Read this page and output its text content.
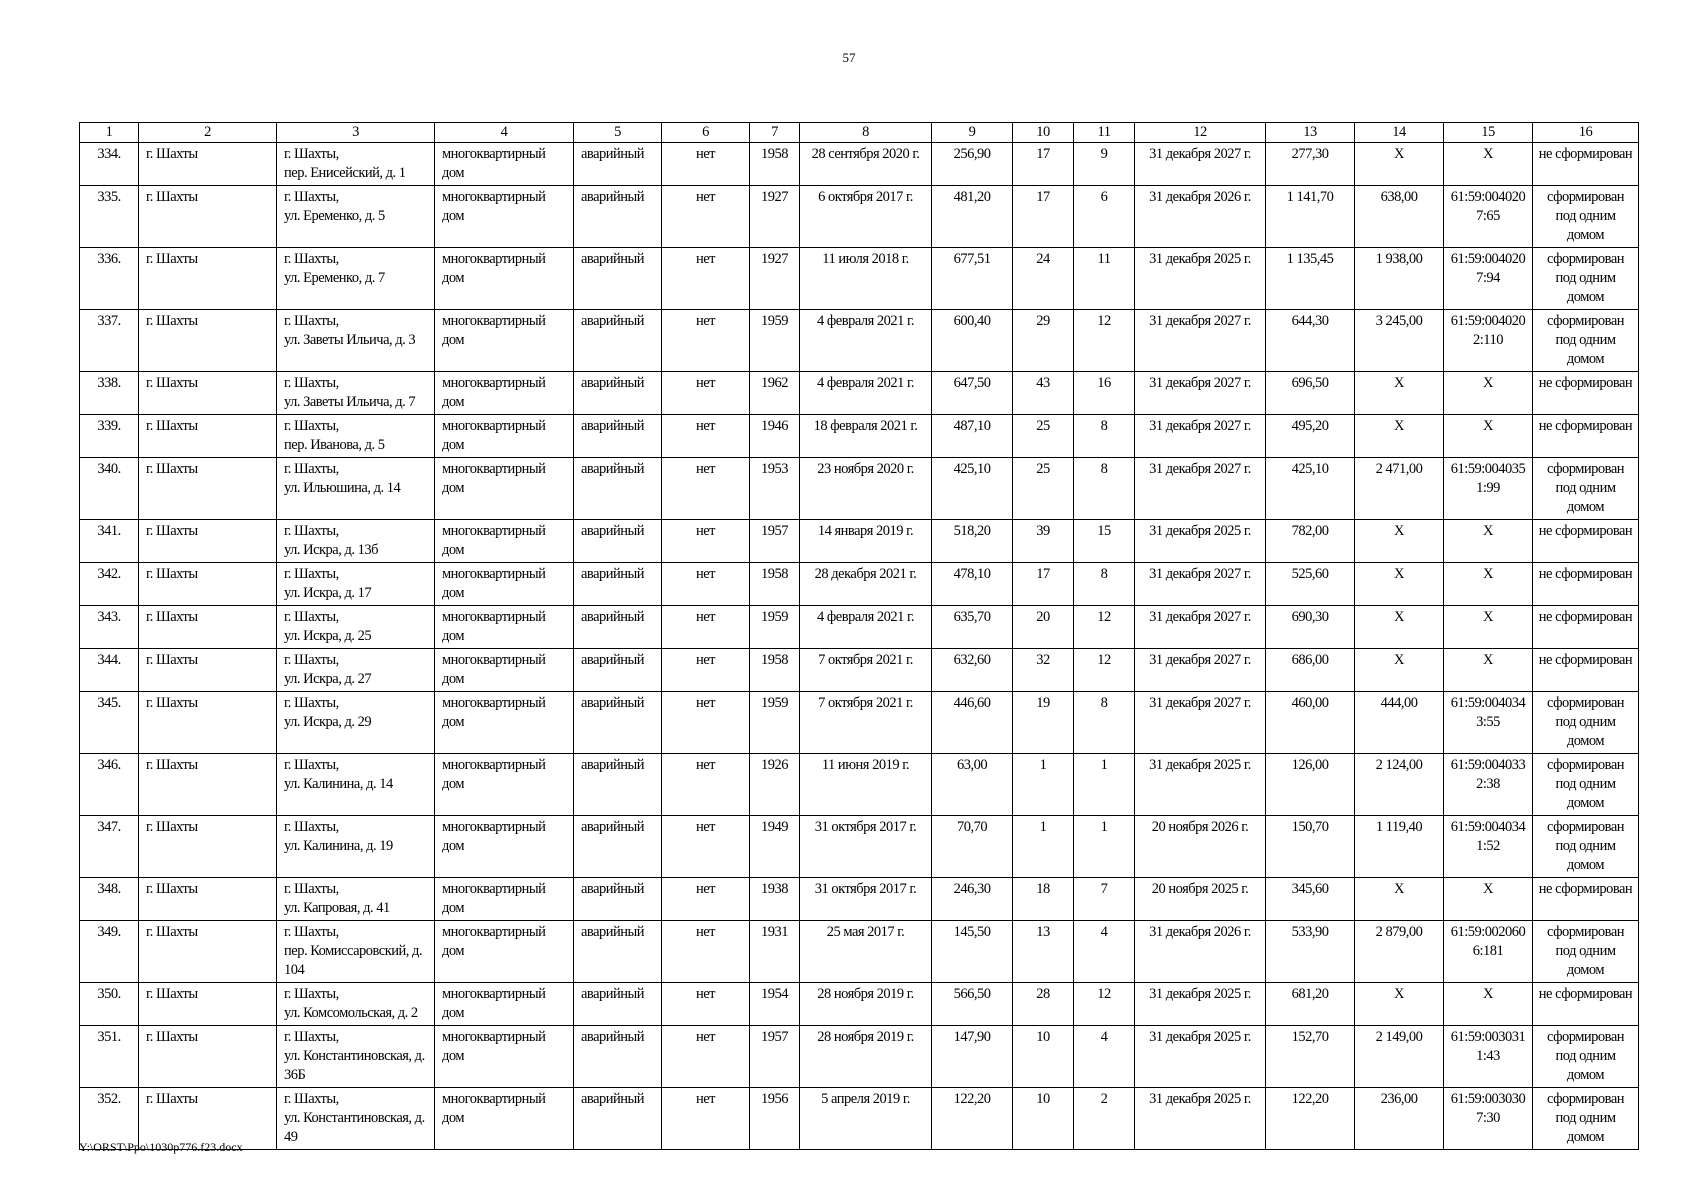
57
1	2	3	4	5	6	7	8	9	10	11	12	13	14	15	16
334.	г. Шахты	г. Шахты,
пер. Енисейский, д. 1	многоквартирный дом	аварийный	нет	1958	28 сентября 2020 г.	256,90	17	9	31 декабря 2027 г.	277,30	X	X	не сформирован
335.	г. Шахты	г. Шахты,
ул. Еременко, д. 5	многоквартирный дом	аварийный	нет	1927	6 октября 2017 г.	481,20	17	6	31 декабря 2026 г.	1 141,70	638,00	61:59:0040207:65	сформирован под одним домом
336.	г. Шахты	г. Шахты,
ул. Еременко, д. 7	многоквартирный дом	аварийный	нет	1927	11 июля 2018 г.	677,51	24	11	31 декабря 2025 г.	1 135,45	1 938,00	61:59:0040207:94	сформирован под одним домом
337.	г. Шахты	г. Шахты,
ул. Заветы Ильича, д. 3	многоквартирный дом	аварийный	нет	1959	4 февраля 2021 г.	600,40	29	12	31 декабря 2027 г.	644,30	3 245,00	61:59:0040202:110	сформирован под одним домом
338.	г. Шахты	г. Шахты,
ул. Заветы Ильича, д. 7	многоквартирный дом	аварийный	нет	1962	4 февраля 2021 г.	647,50	43	16	31 декабря 2027 г.	696,50	X	X	не сформирован
339.	г. Шахты	г. Шахты,
пер. Иванова, д. 5	многоквартирный дом	аварийный	нет	1946	18 февраля 2021 г.	487,10	25	8	31 декабря 2027 г.	495,20	X	X	не сформирован
340.	г. Шахты	г. Шахты,
ул. Ильюшина, д. 14	многоквартирный дом	аварийный	нет	1953	23 ноября 2020 г.	425,10	25	8	31 декабря 2027 г.	425,10	2 471,00	61:59:0040351:99	сформирован под одним домом
341.	г. Шахты	г. Шахты,
ул. Искра, д. 13б	многоквартирный дом	аварийный	нет	1957	14 января 2019 г.	518,20	39	15	31 декабря 2025 г.	782,00	X	X	не сформирован
342.	г. Шахты	г. Шахты,
ул. Искра, д. 17	многоквартирный дом	аварийный	нет	1958	28 декабря 2021 г.	478,10	17	8	31 декабря 2027 г.	525,60	X	X	не сформирован
343.	г. Шахты	г. Шахты,
ул. Искра, д. 25	многоквартирный дом	аварийный	нет	1959	4 февраля 2021 г.	635,70	20	12	31 декабря 2027 г.	690,30	X	X	не сформирован
344.	г. Шахты	г. Шахты,
ул. Искра, д. 27	многоквартирный дом	аварийный	нет	1958	7 октября 2021 г.	632,60	32	12	31 декабря 2027 г.	686,00	X	X	не сформирован
345.	г. Шахты	г. Шахты,
ул. Искра, д. 29	многоквартирный дом	аварийный	нет	1959	7 октября 2021 г.	446,60	19	8	31 декабря 2027 г.	460,00	444,00	61:59:0040343:55	сформирован под одним домом
346.	г. Шахты	г. Шахты,
ул. Калинина, д. 14	многоквартирный дом	аварийный	нет	1926	11 июня 2019 г.	63,00	1	1	31 декабря 2025 г.	126,00	2 124,00	61:59:0040332:38	сформирован под одним домом
347.	г. Шахты	г. Шахты,
ул. Калинина, д. 19	многоквартирный дом	аварийный	нет	1949	31 октября 2017 г.	70,70	1	1	20 ноября 2026 г.	150,70	1 119,40	61:59:0040341:52	сформирован под одним домом
348.	г. Шахты	г. Шахты,
ул. Капровая, д. 41	многоквартирный дом	аварийный	нет	1938	31 октября 2017 г.	246,30	18	7	20 ноября 2025 г.	345,60	X	X	не сформирован
349.	г. Шахты	г. Шахты,
пер. Комиссаровский, д. 104	многоквартирный дом	аварийный	нет	1931	25 мая 2017 г.	145,50	13	4	31 декабря 2026 г.	533,90	2 879,00	61:59:0020606:181	сформирован под одним домом
350.	г. Шахты	г. Шахты,
ул. Комсомольская, д. 2	многоквартирный дом	аварийный	нет	1954	28 ноября 2019 г.	566,50	28	12	31 декабря 2025 г.	681,20	X	X	не сформирован
351.	г. Шахты	г. Шахты,
ул. Константиновская, д. 36Б	многоквартирный дом	аварийный	нет	1957	28 ноября 2019 г.	147,90	10	4	31 декабря 2025 г.	152,70	2 149,00	61:59:0030311:43	сформирован под одним домом
352.	г. Шахты	г. Шахты,
ул. Константиновская, д. 49	многоквартирный дом	аварийный	нет	1956	5 апреля 2019 г.	122,20	10	2	31 декабря 2025 г.	122,20	236,00	61:59:0030307:30	сформирован под одним домом
Y:\ORST\Ppo\1030p776.f23.docx
